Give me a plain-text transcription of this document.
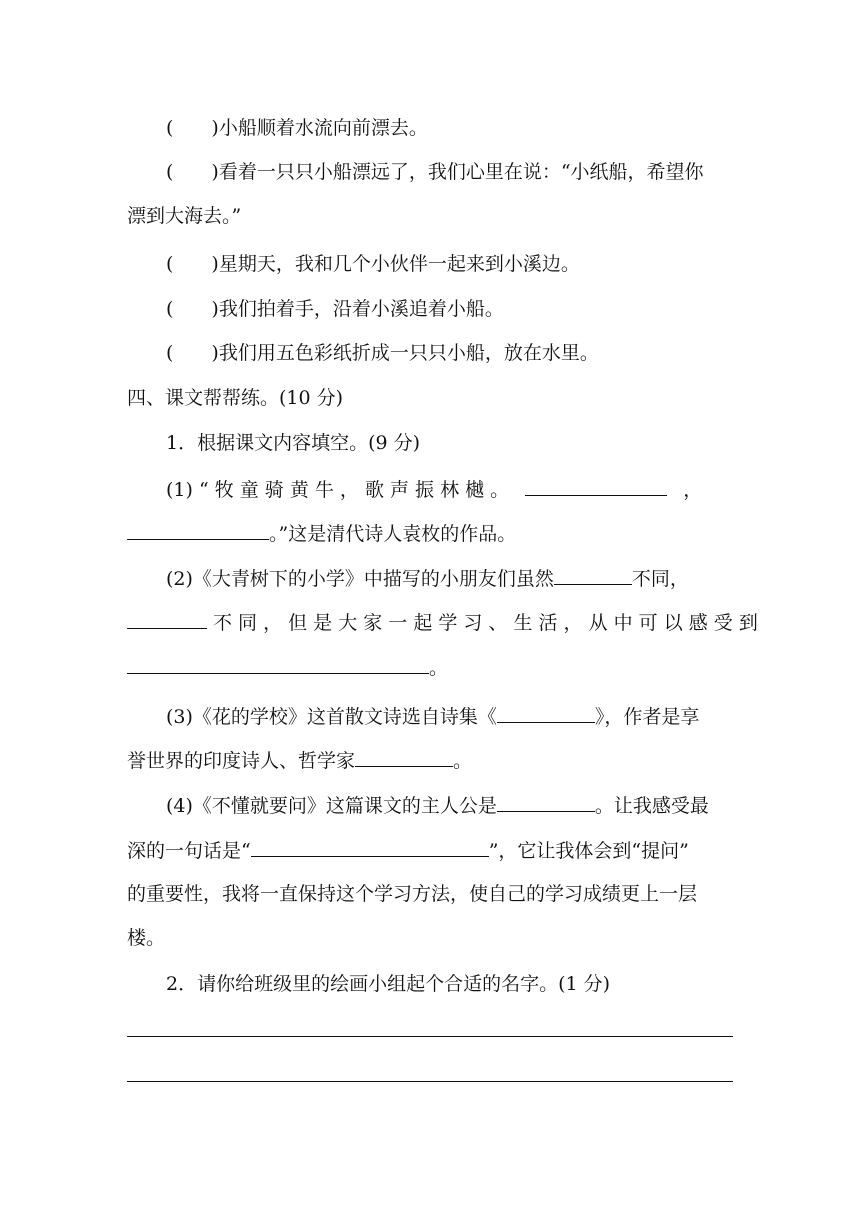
(　　)小船顺着水流向前漂去。
(　　)看着一只只小船漂远了，我们心里在说：“小纸船，希望你
漂到大海去。”
(　　)星期天，我和几个小伙伴一起来到小溪边。
(　　)我们拍着手，沿着小溪追着小船。
(　　)我们用五色彩纸折成一只只小船，放在水里。
四、课文帮帮练。(10 分)
1．根据课文内容填空。(9 分)
(1) “ 牧 童 骑 黄 牛 ， 歌 声 振 林 樾 。	，
。”这是清代诗人袁枚的作品。
(2)《大青树下的小学》中描写的小朋友们虽然	不同，
不 同 ， 但 是 大 家 一 起 学 习 、 生 活 ， 从 中 可 以 感 受 到
。
(3)《花的学校》这首散文诗选自诗集《	》，作者是享
誉世界的印度诗人、哲学家	。
(4)《不懂就要问》这篇课文的主人公是	。让我感受最
深的一句话是“	”，它让我体会到“提问”
的重要性，我将一直保持这个学习方法，使自己的学习成绩更上一层
楼。
2．请你给班级里的绘画小组起个合适的名字。(1 分)
